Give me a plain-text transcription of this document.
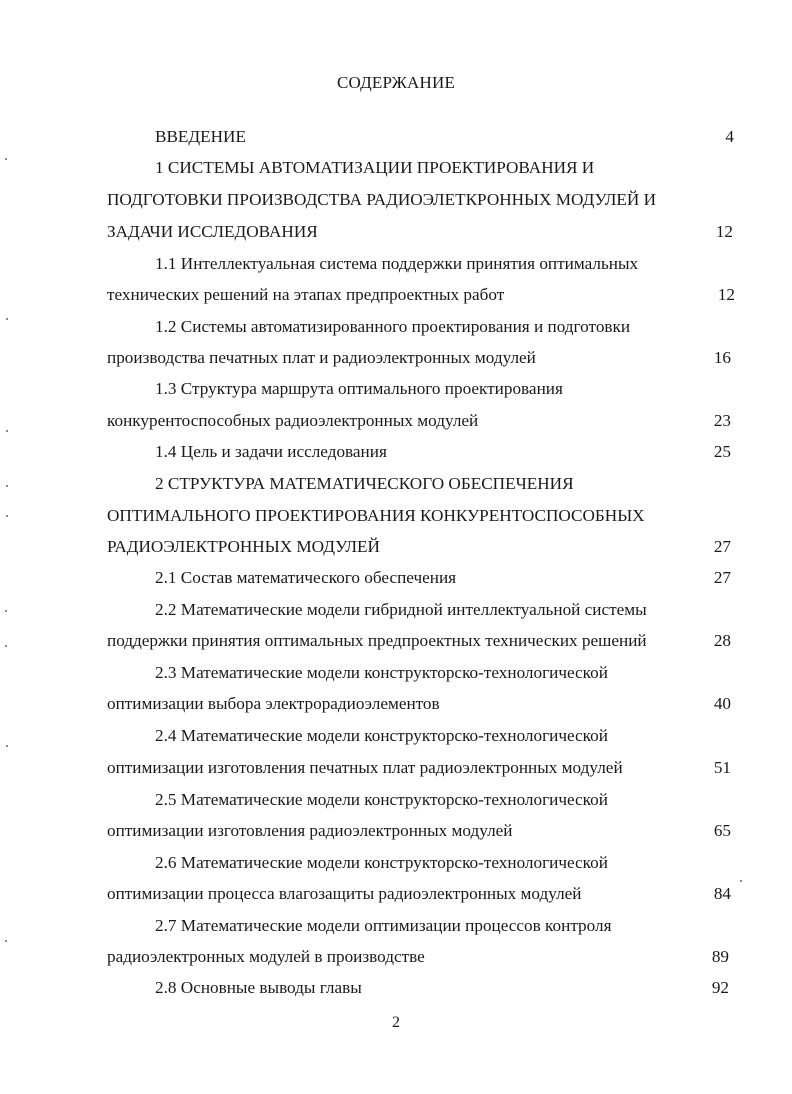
СОДЕРЖАНИЕ
ВВЕДЕНИЕ	4
1 СИСТЕМЫ АВТОМАТИЗАЦИИ ПРОЕКТИРОВАНИЯ И
ПОДГОТОВКИ ПРОИЗВОДСТВА РАДИОЭЛЕТКРОННЫХ МОДУЛЕЙ И
ЗАДАЧИ ИССЛЕДОВАНИЯ	12
1.1 Интеллектуальная система поддержки принятия оптимальных
технических решений на этапах предпроектных работ	12
1.2 Системы автоматизированного проектирования и подготовки
производства печатных плат и радиоэлектронных модулей	16
1.3 Структура маршрута оптимального проектирования
конкурентоспособных радиоэлектронных модулей	23
1.4 Цель и задачи исследования	25
2 СТРУКТУРА МАТЕМАТИЧЕСКОГО ОБЕСПЕЧЕНИЯ
ОПТИМАЛЬНОГО ПРОЕКТИРОВАНИЯ КОНКУРЕНТОСПОСОБНЫХ
РАДИОЭЛЕКТРОННЫХ МОДУЛЕЙ	27
2.1 Состав математического обеспечения	27
2.2 Математические модели гибридной интеллектуальной системы
поддержки принятия оптимальных предпроектных технических решений	28
2.3 Математические модели конструкторско-технологической
оптимизации выбора электрорадиоэлементов	40
2.4 Математические модели конструкторско-технологической
оптимизации изготовления печатных плат радиоэлектронных модулей	51
2.5 Математические модели конструкторско-технологической
оптимизации изготовления радиоэлектронных модулей	65
2.6 Математические модели конструкторско-технологической
оптимизации процесса влагозащиты радиоэлектронных модулей	84
2.7 Математические модели оптимизации процессов контроля
радиоэлектронных модулей в производстве	89
2.8 Основные выводы главы	92
2
